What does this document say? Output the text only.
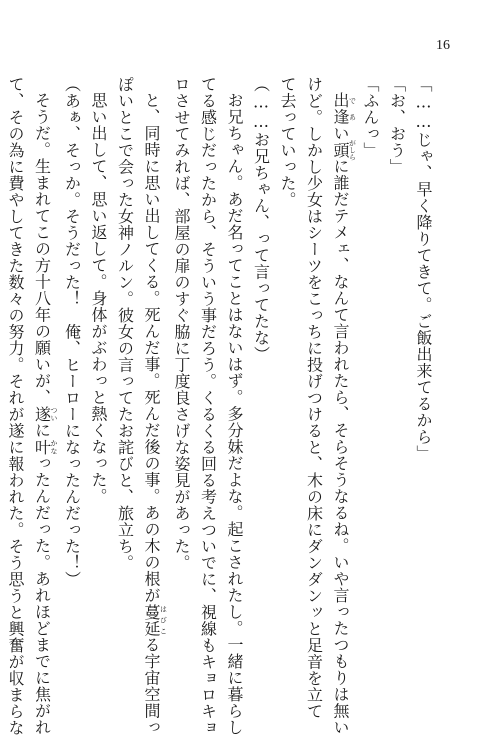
16
「……じゃ、早く降りてきて。ご飯出来てるから」
「お、おう」
「ふんっ」
出逢であい頭がしらに誰だテメェ、なんて言われたら、そらそうなるね。いや言ったつもりは無い
けど。しかし少女はシーツをこっちに投げつけると、木の床にダンダンッと足音を立て
て去っていった。
（……お兄ちゃん、って言ってたな）
お兄ちゃん。あだ名ってことはないはず。多分妹だよな。起こされたし。一緒に暮らし
てる感じだったから、そういう事だろう。くるくる回る考えついでに、視線もキョロキョ
ロさせてみれば、部屋の扉のすぐ脇に丁度良さげな姿見があった。
と、同時に思い出してくる。死んだ事。死んだ後の事。あの木の根が蔓延はびこる宇宙空間っ
ぽいとこで会った女神ノルン。彼女の言ってたお詫びと、旅立ち。
思い出して、思い返して。身体がぶわっと熱くなった。
（あぁ、そっか。そうだった！　俺、ヒーローになったんだった！）
そうだ。生まれてこの方十八年の願いが、遂ついに叶かなったんだった。あれほどまでに焦がれ
て、その為に費やしてきた数々の努力。それが遂に報われた。そう思うと興奮が収まらな
